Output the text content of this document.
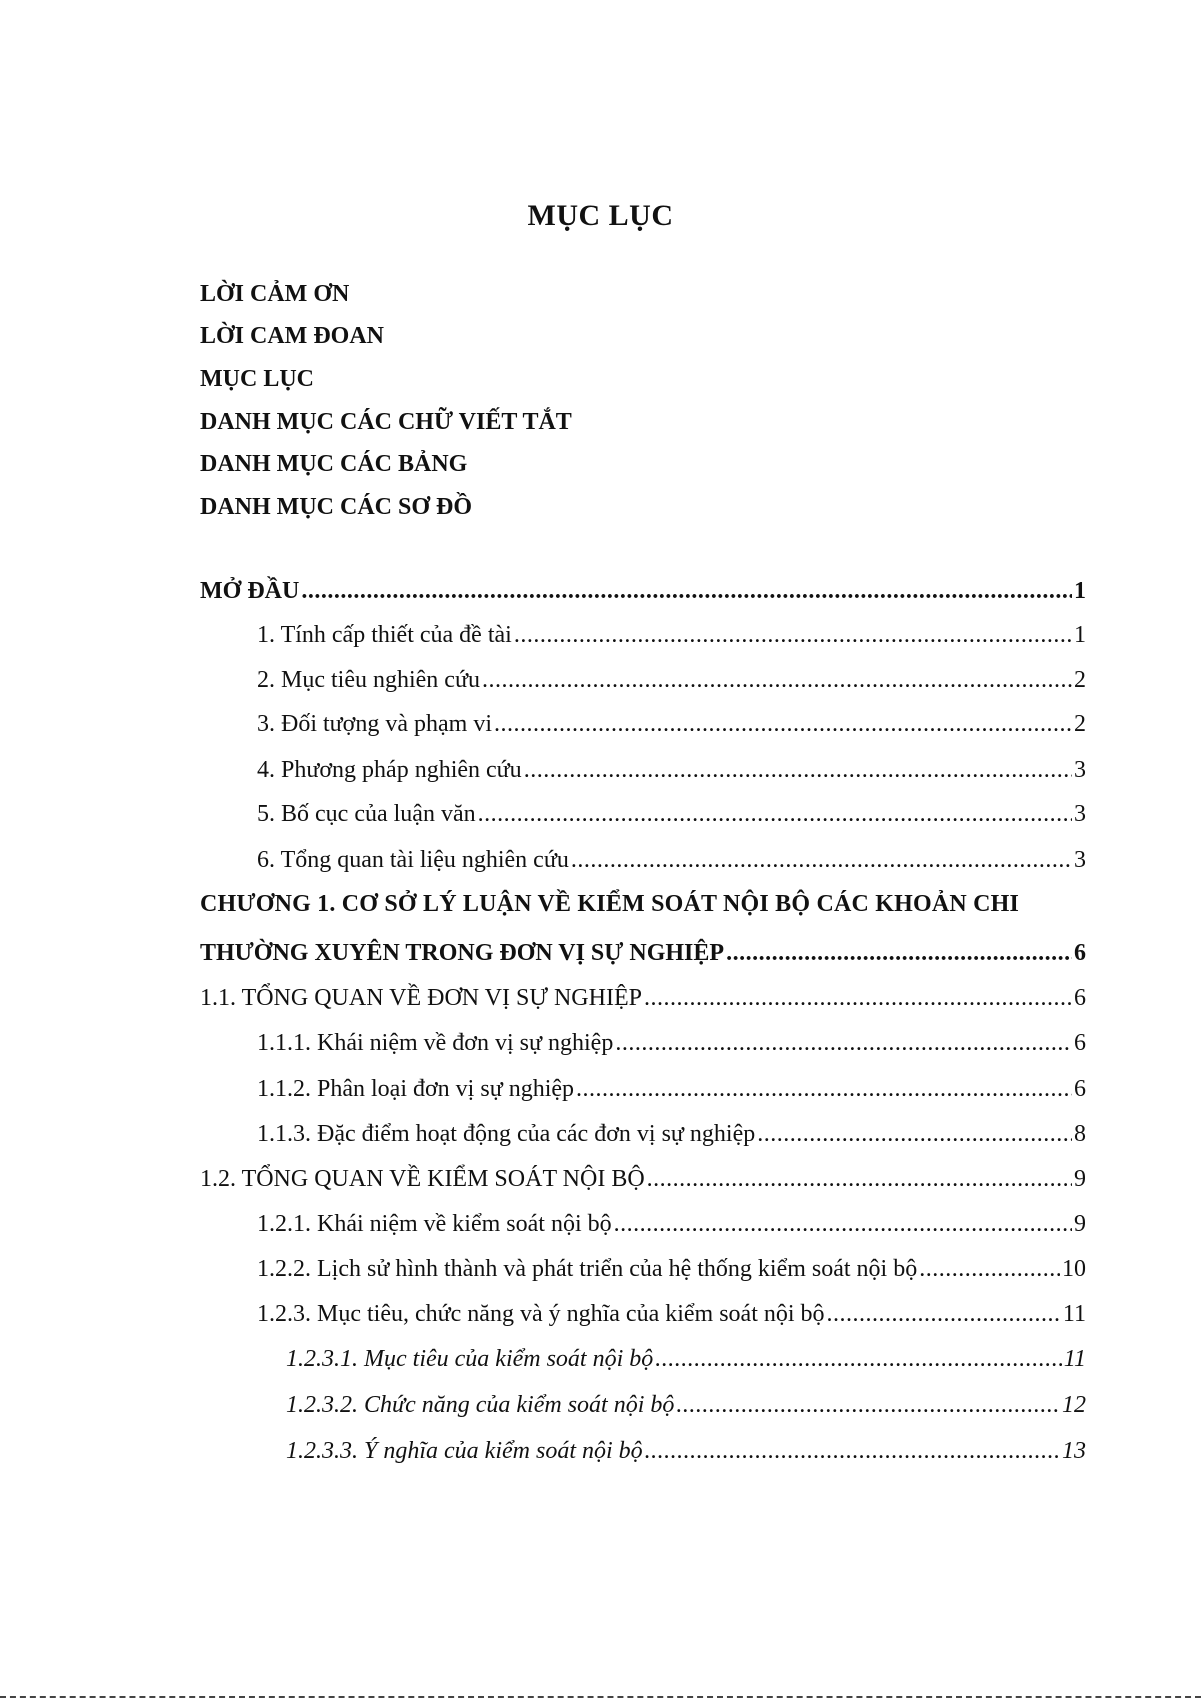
MỤC LỤC
LỜI CẢM ƠN
LỜI CAM ĐOAN
MỤC LỤC
DANH MỤC CÁC CHỮ VIẾT TẮT
DANH MỤC CÁC BẢNG
DANH MỤC CÁC SƠ ĐỒ
MỞ ĐẦU .....	1
1. Tính cấp thiết của đề tài .....	1
2. Mục tiêu nghiên cứu .....	2
3. Đối tượng và phạm vi .....	2
4. Phương pháp nghiên cứu .....	3
5. Bố cục của luận văn .....	3
6. Tổng quan tài liệu nghiên cứu .....	3
CHƯƠNG 1. CƠ SỞ LÝ LUẬN VỀ KIỂM SOÁT NỘI BỘ CÁC KHOẢN CHI
THƯỜNG XUYÊN TRONG ĐƠN VỊ SỰ NGHIỆP .....	6
1.1. TỔNG QUAN VỀ ĐƠN VỊ SỰ NGHIỆP .....	6
1.1.1. Khái niệm về đơn vị sự nghiệp .....	6
1.1.2. Phân loại đơn vị sự nghiệp .....	6
1.1.3. Đặc điểm hoạt động của các đơn vị sự nghiệp .....	8
1.2. TỔNG QUAN VỀ KIỂM SOÁT NỘI BỘ .....	9
1.2.1. Khái niệm về kiểm soát nội bộ .....	9
1.2.2. Lịch sử hình thành và phát triển của hệ thống kiểm soát nội bộ .....	10
1.2.3. Mục tiêu, chức năng và ý nghĩa của kiểm soát nội bộ .....	11
1.2.3.1. Mục tiêu của kiểm soát nội bộ .....	11
1.2.3.2. Chức năng của kiểm soát nội bộ .....	12
1.2.3.3. Ý nghĩa của kiểm soát nội bộ .....	13
